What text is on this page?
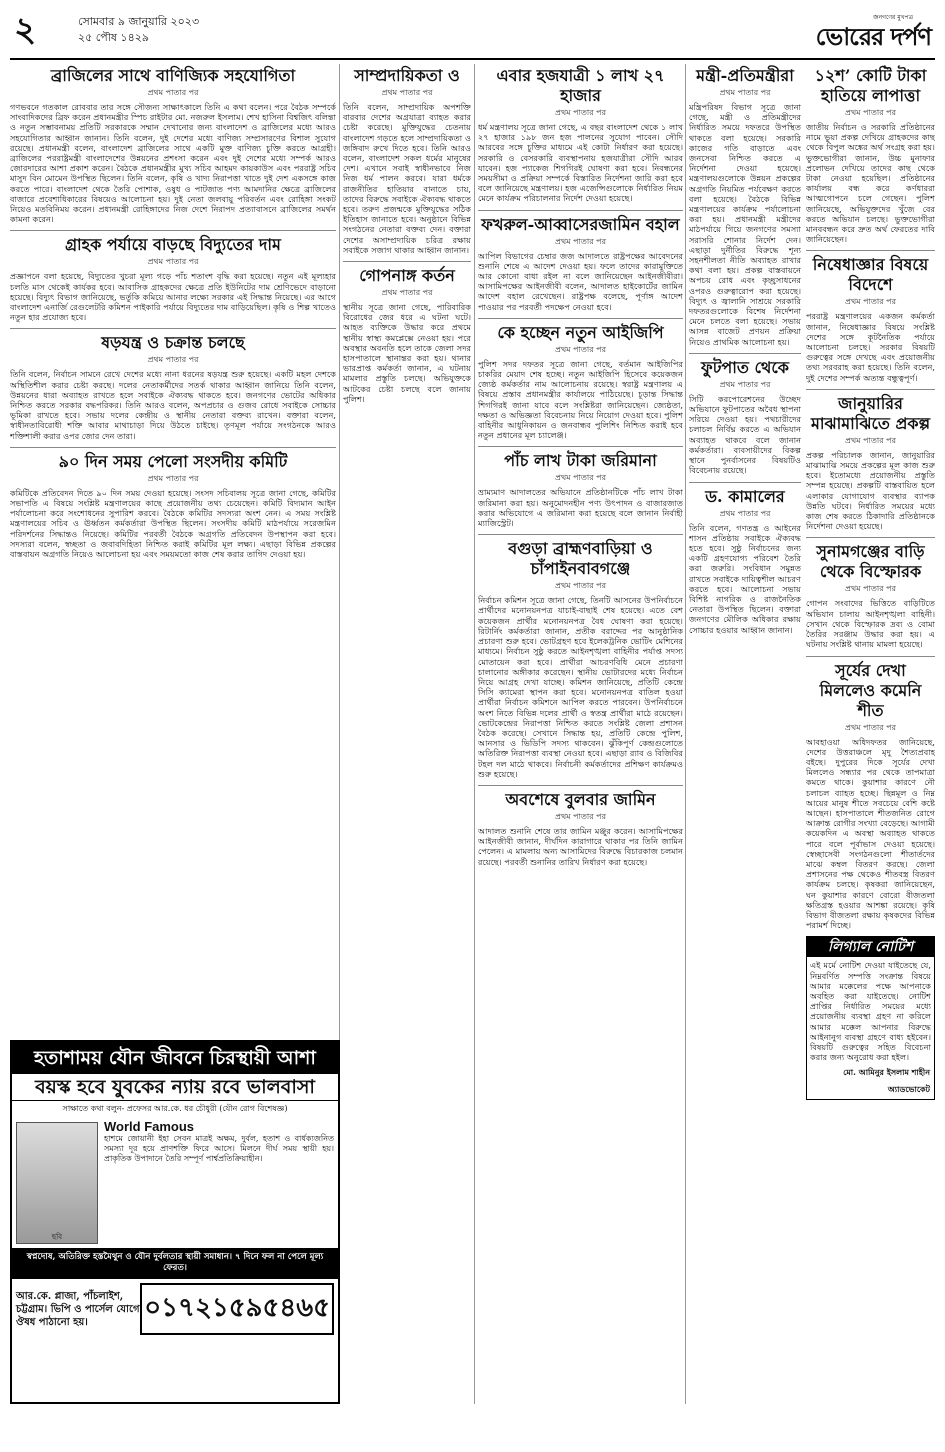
২	সোমবার ৯ জানুয়ারি ২০২৩
২৫ পৌষ ১৪২৯
জনগণের মুখপত্র
ভোরের দর্পণ
ব্রাজিলের সাথে বাণিজ্যিক সহযোগিতা
প্রথম পাতার পর
গণভবনে গতকাল রোববার তার সঙ্গে সৌজন্য সাক্ষাৎকালে তিনি এ কথা বলেন। পরে বৈঠক সম্পর্কে সাংবাদিকদের ব্রিফ করেন প্রধানমন্ত্রীর স্পিচ রাইটার মো. নজরুল ইসলাম। শেখ হাসিনা বিশ্বজিৎ বলিন্তা ও নতুন সম্ভাবনাময় প্রতিটি সরকারকে সম্মান দেখানোর জন্য বাংলাদেশ ও ব্রাজিলের মধ্যে আরও সহযোগিতার আহ্বান জানান। তিনি বলেন, দুই দেশের মধ্যে বাণিজ্য সম্প্রসারণের বিশাল সুযোগ রয়েছে। প্রধানমন্ত্রী বলেন, বাংলাদেশ ব্রাজিলের সাথে একটি মুক্ত বাণিজ্য চুক্তি করতে আগ্রহী। ব্রাজিলের পররাষ্ট্রমন্ত্রী বাংলাদেশের উন্নয়নের প্রশংসা করেন এবং দুই দেশের মধ্যে সম্পর্ক আরও জোরদারের আশা প্রকাশ করেন। বৈঠকে প্রধানমন্ত্রীর মুখ্য সচিব আহমদ কায়কাউস এবং পররাষ্ট্র সচিব মাসুদ বিন মোমেন উপস্থিত ছিলেন। তিনি বলেন, কৃষি ও খাদ্য নিরাপত্তা খাতে দুই দেশ একসঙ্গে কাজ করতে পারে। বাংলাদেশ থেকে তৈরি পোশাক, ওষুধ ও পাটজাত পণ্য আমদানির ক্ষেত্রে ব্রাজিলের বাজারে প্রবেশাধিকারের বিষয়েও আলোচনা হয়। দুই নেতা জলবায়ু পরিবর্তন এবং রোহিঙ্গা সংকট নিয়েও মতবিনিময় করেন। প্রধানমন্ত্রী রোহিঙ্গাদের নিজ দেশে নিরাপদ প্রত্যাবাসনে ব্রাজিলের সমর্থন কামনা করেন।
গ্রাহক পর্যায়ে বাড়ছে বিদ্যুতের দাম
প্রথম পাতার পর
প্রজ্ঞাপনে বলা হয়েছে, বিদ্যুতের খুচরা মূল্য গড়ে পাঁচ শতাংশ বৃদ্ধি করা হয়েছে। নতুন এই মূল্যহার চলতি মাস থেকেই কার্যকর হবে। আবাসিক গ্রাহকদের ক্ষেত্রে প্রতি ইউনিটের দাম শ্রেণিভেদে বাড়ানো হয়েছে। বিদ্যুৎ বিভাগ জানিয়েছে, ভর্তুকি কমিয়ে আনার লক্ষ্যে সরকার এই সিদ্ধান্ত নিয়েছে। এর আগে বাংলাদেশ এনার্জি রেগুলেটরি কমিশন পাইকারি পর্যায়ে বিদ্যুতের দাম বাড়িয়েছিল। কৃষি ও শিল্প খাতেও নতুন হার প্রযোজ্য হবে।
ষড়যন্ত্র ও চক্রান্ত চলছে
প্রথম পাতার পর
তিনি বলেন, নির্বাচন সামনে রেখে দেশের মধ্যে নানা ধরনের ষড়যন্ত্র শুরু হয়েছে। একটি মহল দেশকে অস্থিতিশীল করার চেষ্টা করছে। দলের নেতাকর্মীদের সতর্ক থাকার আহ্বান জানিয়ে তিনি বলেন, উন্নয়নের ধারা অব্যাহত রাখতে হলে সবাইকে ঐক্যবদ্ধ থাকতে হবে। জনগণের ভোটের অধিকার নিশ্চিত করতে সরকার বদ্ধপরিকর। তিনি আরও বলেন, অপপ্রচার ও গুজব রোধে সবাইকে সোচ্চার ভূমিকা রাখতে হবে। সভায় দলের কেন্দ্রীয় ও স্থানীয় নেতারা বক্তব্য রাখেন। বক্তারা বলেন, স্বাধীনতাবিরোধী শক্তি আবার মাথাচাড়া দিয়ে উঠতে চাইছে। তৃণমূল পর্যায়ে সংগঠনকে আরও শক্তিশালী করার ওপর জোর দেন তারা।
৯০ দিন সময় পেলো সংসদীয় কমিটি
প্রথম পাতার পর
কমিটিকে প্রতিবেদন দিতে ৯০ দিন সময় দেওয়া হয়েছে। সংসদ সচিবালয় সূত্রে জানা গেছে, কমিটির সভাপতি এ বিষয়ে সংশ্লিষ্ট মন্ত্রণালয়ের কাছে প্রয়োজনীয় তথ্য চেয়েছেন। কমিটি বিদ্যমান আইন পর্যালোচনা করে সংশোধনের সুপারিশ করবে। বৈঠকে কমিটির সদস্যরা অংশ নেন। এ সময় সংশ্লিষ্ট মন্ত্রণালয়ের সচিব ও ঊর্ধ্বতন কর্মকর্তারা উপস্থিত ছিলেন। সংসদীয় কমিটি মাঠপর্যায়ে সরেজমিন পরিদর্শনের সিদ্ধান্তও নিয়েছে। কমিটির পরবর্তী বৈঠকে অগ্রগতি প্রতিবেদন উপস্থাপন করা হবে। সদস্যরা বলেন, স্বচ্ছতা ও জবাবদিহিতা নিশ্চিত করাই কমিটির মূল লক্ষ্য। এছাড়া বিভিন্ন প্রকল্পের বাস্তবায়ন অগ্রগতি নিয়েও আলোচনা হয় এবং সময়মতো কাজ শেষ করার তাগিদ দেওয়া হয়।
হতাশাময় যৌন জীবনে চিরস্থায়ী আশা
বয়স্ক হবে যুবকের ন্যায় রবে ভালবাসা
সাক্ষাতে কথা বলুন- প্রফেসর আর.কে. ধর চৌধুরী (যৌন রোগ বিশেষজ্ঞ)
ছবি
World Famous
হাশমে জোয়ানী ইহা সেবন মাত্রই অক্ষম, দুর্বল, হতাশ ও বার্ধক্যজনিত সমস্যা দূর হয়ে প্রাণশক্তি ফিরে আসে। মিলনে দীর্ঘ সময় স্থায়ী হয়। প্রাকৃতিক উপাদানে তৈরি সম্পূর্ণ পার্শ্বপ্রতিক্রিয়াহীন।
স্বপ্নদোষ, অতিরিক্ত হস্তমৈথুন ও যৌন দুর্বলতার স্থায়ী সমাধান। ৭ দিনে ফল না পেলে মূল্য ফেরত।
আর.কে. প্লাজা, পাঁচলাইশ, চট্টগ্রাম। ভিপি ও পার্সেল যোগে ঔষধ পাঠানো হয়।	০১৭২১৫৯৫৪৬৫
সাম্প্রদায়িকতা ও
প্রথম পাতার পর
তিনি বলেন, সাম্প্রদায়িক অপশক্তি বারবার দেশের অগ্রযাত্রা ব্যাহত করার চেষ্টা করেছে। মুক্তিযুদ্ধের চেতনায় বাংলাদেশ গড়তে হলে সাম্প্রদায়িকতা ও জঙ্গিবাদ রুখে দিতে হবে। তিনি আরও বলেন, বাংলাদেশ সকল ধর্মের মানুষের দেশ। এখানে সবাই স্বাধীনভাবে নিজ নিজ ধর্ম পালন করবে। যারা ধর্মকে রাজনীতির হাতিয়ার বানাতে চায়, তাদের বিরুদ্ধে সবাইকে ঐক্যবদ্ধ থাকতে হবে। তরুণ প্রজন্মকে মুক্তিযুদ্ধের সঠিক ইতিহাস জানাতে হবে। অনুষ্ঠানে বিভিন্ন সংগঠনের নেতারা বক্তব্য দেন। বক্তারা দেশের অসাম্প্রদায়িক চরিত্র রক্ষায় সবাইকে সজাগ থাকার আহ্বান জানান।
গোপনাঙ্গ কর্তন
প্রথম পাতার পর
স্থানীয় সূত্রে জানা গেছে, পারিবারিক বিরোধের জের ধরে এ ঘটনা ঘটে। আহত ব্যক্তিকে উদ্ধার করে প্রথমে স্থানীয় স্বাস্থ্য কমপ্লেক্সে নেওয়া হয়। পরে অবস্থার অবনতি হলে তাকে জেলা সদর হাসপাতালে স্থানান্তর করা হয়। থানার ভারপ্রাপ্ত কর্মকর্তা জানান, এ ঘটনায় মামলার প্রস্তুতি চলছে। অভিযুক্তকে আটকের চেষ্টা চলছে বলে জানায় পুলিশ।
এবার হজযাত্রী ১ লাখ ২৭ হাজার
প্রথম পাতার পর
ধর্ম মন্ত্রণালয় সূত্রে জানা গেছে, এ বছর বাংলাদেশ থেকে ১ লাখ ২৭ হাজার ১৯৮ জন হজ পালনের সুযোগ পাবেন। সৌদি আরবের সঙ্গে চুক্তির মাধ্যমে এই কোটা নির্ধারণ করা হয়েছে। সরকারি ও বেসরকারি ব্যবস্থাপনায় হজযাত্রীরা সৌদি আরব যাবেন। হজ প্যাকেজ শিগগিরই ঘোষণা করা হবে। নিবন্ধনের সময়সীমা ও প্রক্রিয়া সম্পর্কে বিস্তারিত নির্দেশনা জারি করা হবে বলে জানিয়েছে মন্ত্রণালয়। হজ এজেন্সিগুলোকে নির্ধারিত নিয়ম মেনে কার্যক্রম পরিচালনার নির্দেশ দেওয়া হয়েছে।
ফখরুল-আব্বাসেরজামিন বহাল
প্রথম পাতার পর
আপিল বিভাগের চেম্বার জজ আদালতে রাষ্ট্রপক্ষের আবেদনের শুনানি শেষে এ আদেশ দেওয়া হয়। ফলে তাদের কারামুক্তিতে আর কোনো বাধা রইল না বলে জানিয়েছেন আইনজীবীরা। আসামিপক্ষের আইনজীবী বলেন, আদালত হাইকোর্টের জামিন আদেশ বহাল রেখেছেন। রাষ্ট্রপক্ষ বলেছে, পূর্ণাঙ্গ আদেশ পাওয়ার পর পরবর্তী পদক্ষেপ নেওয়া হবে।
কে হচ্ছেন নতুন আইজিপি
প্রথম পাতার পর
পুলিশ সদর দফতর সূত্রে জানা গেছে, বর্তমান আইজিপির চাকরির মেয়াদ শেষ হচ্ছে। নতুন আইজিপি হিসেবে কয়েকজন জ্যেষ্ঠ কর্মকর্তার নাম আলোচনায় রয়েছে। স্বরাষ্ট্র মন্ত্রণালয় এ বিষয়ে প্রস্তাব প্রধানমন্ত্রীর কার্যালয়ে পাঠিয়েছে। চূড়ান্ত সিদ্ধান্ত শিগগিরই জানা যাবে বলে সংশ্লিষ্টরা জানিয়েছেন। জ্যেষ্ঠতা, দক্ষতা ও অভিজ্ঞতা বিবেচনায় নিয়ে নিয়োগ দেওয়া হবে। পুলিশ বাহিনীর আধুনিকায়ন ও জনবান্ধব পুলিশিং নিশ্চিত করাই হবে নতুন প্রধানের মূল চ্যালেঞ্জ।
পাঁচ লাখ টাকা জরিমানা
প্রথম পাতার পর
ভ্রাম্যমাণ আদালতের অভিযানে প্রতিষ্ঠানটিকে পাঁচ লাখ টাকা জরিমানা করা হয়। অনুমোদনহীন পণ্য উৎপাদন ও বাজারজাত করার অভিযোগে এ জরিমানা করা হয়েছে বলে জানান নির্বাহী ম্যাজিস্ট্রেট।
বগুড়া ব্রাহ্মণবাড়িয়া ও চাঁপাইনবাবগঞ্জে
প্রথম পাতার পর
নির্বাচন কমিশন সূত্রে জানা গেছে, তিনটি আসনের উপনির্বাচনে প্রার্থীদের মনোনয়নপত্র যাচাই-বাছাই শেষ হয়েছে। এতে বেশ কয়েকজন প্রার্থীর মনোনয়নপত্র বৈধ ঘোষণা করা হয়েছে। রিটার্নিং কর্মকর্তারা জানান, প্রতীক বরাদ্দের পর আনুষ্ঠানিক প্রচারণা শুরু হবে। ভোটগ্রহণ হবে ইলেকট্রনিক ভোটিং মেশিনের মাধ্যমে। নির্বাচন সুষ্ঠু করতে আইনশৃঙ্খলা বাহিনীর পর্যাপ্ত সদস্য মোতায়েন করা হবে। প্রার্থীরা আচরণবিধি মেনে প্রচারণা চালানোর অঙ্গীকার করেছেন। স্থানীয় ভোটারদের মধ্যে নির্বাচন নিয়ে আগ্রহ দেখা যাচ্ছে। কমিশন জানিয়েছে, প্রতিটি কেন্দ্রে সিসি ক্যামেরা স্থাপন করা হবে। মনোনয়নপত্র বাতিল হওয়া প্রার্থীরা নির্বাচন কমিশনে আপিল করতে পারবেন। উপনির্বাচনে অংশ নিতে বিভিন্ন দলের প্রার্থী ও স্বতন্ত্র প্রার্থীরা মাঠে রয়েছেন। ভোটকেন্দ্রের নিরাপত্তা নিশ্চিত করতে সংশ্লিষ্ট জেলা প্রশাসন বৈঠক করেছে। সেখানে সিদ্ধান্ত হয়, প্রতিটি কেন্দ্রে পুলিশ, আনসার ও ভিডিপি সদস্য থাকবেন। ঝুঁকিপূর্ণ কেন্দ্রগুলোতে অতিরিক্ত নিরাপত্তা ব্যবস্থা নেওয়া হবে। এছাড়া র‌্যাব ও বিজিবির টহল দল মাঠে থাকবে। নির্বাচনী কর্মকর্তাদের প্রশিক্ষণ কার্যক্রমও শুরু হয়েছে।
অবশেষে বুলবার জামিন
প্রথম পাতার পর
আদালত শুনানি শেষে তার জামিন মঞ্জুর করেন। আসামিপক্ষের আইনজীবী জানান, দীর্ঘদিন কারাগারে থাকার পর তিনি জামিন পেলেন। এ মামলায় অন্য আসামিদের বিরুদ্ধে বিচারকাজ চলমান রয়েছে। পরবর্তী শুনানির তারিখ নির্ধারণ করা হয়েছে।
মন্ত্রী-প্রতিমন্ত্রীরা
প্রথম পাতার পর
মন্ত্রিপরিষদ বিভাগ সূত্রে জানা গেছে, মন্ত্রী ও প্রতিমন্ত্রীদের নির্ধারিত সময়ে দফতরে উপস্থিত থাকতে বলা হয়েছে। সরকারি কাজের গতি বাড়াতে এবং জনসেবা নিশ্চিত করতে এ নির্দেশনা দেওয়া হয়েছে। মন্ত্রণালয়গুলোকে উন্নয়ন প্রকল্পের অগ্রগতি নিয়মিত পর্যবেক্ষণ করতে বলা হয়েছে। বৈঠকে বিভিন্ন মন্ত্রণালয়ের কার্যক্রম পর্যালোচনা করা হয়। প্রধানমন্ত্রী মন্ত্রীদের মাঠপর্যায়ে গিয়ে জনগণের সমস্যা সরাসরি শোনার নির্দেশ দেন। এছাড়া দুর্নীতির বিরুদ্ধে শূন্য সহনশীলতা নীতি অব্যাহত রাখার কথা বলা হয়। প্রকল্প বাস্তবায়নে অপচয় রোধ এবং কৃচ্ছ্রসাধনের ওপরও গুরুত্বারোপ করা হয়েছে। বিদ্যুৎ ও জ্বালানি সাশ্রয়ে সরকারি দফতরগুলোকে বিশেষ নির্দেশনা মেনে চলতে বলা হয়েছে। সভায় আসন্ন বাজেট প্রণয়ন প্রক্রিয়া নিয়েও প্রাথমিক আলোচনা হয়।
ফুটপাত থেকে
প্রথম পাতার পর
সিটি করপোরেশনের উচ্ছেদ অভিযানে ফুটপাতের অবৈধ স্থাপনা সরিয়ে দেওয়া হয়। পথচারীদের চলাচল নির্বিঘ্ন করতে এ অভিযান অব্যাহত থাকবে বলে জানান কর্মকর্তারা। ব্যবসায়ীদের বিকল্প স্থানে পুনর্বাসনের বিষয়টিও বিবেচনায় রয়েছে।
ড. কামালের
প্রথম পাতার পর
তিনি বলেন, গণতন্ত্র ও আইনের শাসন প্রতিষ্ঠায় সবাইকে ঐক্যবদ্ধ হতে হবে। সুষ্ঠু নির্বাচনের জন্য একটি গ্রহণযোগ্য পরিবেশ তৈরি করা জরুরি। সংবিধান সমুন্নত রাখতে সবাইকে দায়িত্বশীল আচরণ করতে হবে। আলোচনা সভায় বিশিষ্ট নাগরিক ও রাজনৈতিক নেতারা উপস্থিত ছিলেন। বক্তারা জনগণের মৌলিক অধিকার রক্ষায় সোচ্চার হওয়ার আহ্বান জানান।
১২শ’ কোটি টাকা হাতিয়ে লাপাত্তা
প্রথম পাতার পর
জাতীয় নির্বাচন ও সরকারি প্রতিষ্ঠানের নামে ভুয়া প্রকল্প দেখিয়ে গ্রাহকদের কাছ থেকে বিপুল অঙ্কের অর্থ সংগ্রহ করা হয়। ভুক্তভোগীরা জানান, উচ্চ মুনাফার প্রলোভন দেখিয়ে তাদের কাছ থেকে টাকা নেওয়া হয়েছিল। প্রতিষ্ঠানের কার্যালয় বন্ধ করে কর্ণধাররা আত্মগোপনে চলে গেছেন। পুলিশ জানিয়েছে, অভিযুক্তদের খুঁজে বের করতে অভিযান চলছে। ভুক্তভোগীরা মানববন্ধন করে দ্রুত অর্থ ফেরতের দাবি জানিয়েছেন।
নিষেধাজ্ঞার বিষয়ে বিদেশে
প্রথম পাতার পর
পররাষ্ট্র মন্ত্রণালয়ের একজন কর্মকর্তা জানান, নিষেধাজ্ঞার বিষয়ে সংশ্লিষ্ট দেশের সঙ্গে কূটনৈতিক পর্যায়ে আলোচনা চলছে। সরকার বিষয়টি গুরুত্বের সঙ্গে দেখছে এবং প্রয়োজনীয় তথ্য সরবরাহ করা হয়েছে। তিনি বলেন, দুই দেশের সম্পর্ক অত্যন্ত বন্ধুত্বপূর্ণ।
জানুয়ারির মাঝামাঝিতে প্রকল্প
প্রথম পাতার পর
প্রকল্প পরিচালক জানান, জানুয়ারির মাঝামাঝি সময়ে প্রকল্পের মূল কাজ শুরু হবে। ইতোমধ্যে প্রয়োজনীয় প্রস্তুতি সম্পন্ন হয়েছে। প্রকল্পটি বাস্তবায়িত হলে এলাকার যোগাযোগ ব্যবস্থার ব্যাপক উন্নতি ঘটবে। নির্ধারিত সময়ের মধ্যে কাজ শেষ করতে ঠিকাদারি প্রতিষ্ঠানকে নির্দেশনা দেওয়া হয়েছে।
সুনামগঞ্জের বাড়ি থেকে বিস্ফোরক
প্রথম পাতার পর
গোপন সংবাদের ভিত্তিতে বাড়িটিতে অভিযান চালায় আইনশৃঙ্খলা বাহিনী। সেখান থেকে বিস্ফোরক দ্রব্য ও বোমা তৈরির সরঞ্জাম উদ্ধার করা হয়। এ ঘটনায় সংশ্লিষ্ট থানায় মামলা হয়েছে।
সূর্যের দেখা মিললেও কমেনি শীত
প্রথম পাতার পর
আবহাওয়া অধিদফতর জানিয়েছে, দেশের উত্তরাঞ্চলে মৃদু শৈত্যপ্রবাহ বইছে। দুপুরের দিকে সূর্যের দেখা মিললেও সন্ধ্যার পর থেকে তাপমাত্রা কমতে থাকে। কুয়াশার কারণে নৌ চলাচল ব্যাহত হচ্ছে। ছিন্নমূল ও নিম্ন আয়ের মানুষ শীতে সবচেয়ে বেশি কষ্টে আছেন। হাসপাতালে শীতজনিত রোগে আক্রান্ত রোগীর সংখ্যা বেড়েছে। আগামী কয়েকদিন এ অবস্থা অব্যাহত থাকতে পারে বলে পূর্বাভাস দেওয়া হয়েছে। স্বেচ্ছাসেবী সংগঠনগুলো শীতার্তদের মাঝে কম্বল বিতরণ করছে। জেলা প্রশাসনের পক্ষ থেকেও শীতবস্ত্র বিতরণ কার্যক্রম চলছে। কৃষকরা জানিয়েছেন, ঘন কুয়াশার কারণে বোরো বীজতলা ক্ষতিগ্রস্ত হওয়ার আশঙ্কা রয়েছে। কৃষি বিভাগ বীজতলা রক্ষায় কৃষকদের বিভিন্ন পরামর্শ দিচ্ছে।
লিগ্যাল নোটিশ
এই মর্মে নোটিশ দেওয়া যাইতেছে যে, নিম্নবর্ণিত সম্পত্তি সংক্রান্ত বিষয়ে আমার মক্কেলের পক্ষে আপনাকে অবহিত করা যাইতেছে। নোটিশ প্রাপ্তির নির্ধারিত সময়ের মধ্যে প্রয়োজনীয় ব্যবস্থা গ্রহণ না করিলে আমার মক্কেল আপনার বিরুদ্ধে আইনানুগ ব্যবস্থা গ্রহণে বাধ্য হইবেন। বিষয়টি গুরুত্বের সহিত বিবেচনা করার জন্য অনুরোধ করা হইল।
মো. আমিনুর ইসলাম শাহীন
অ্যাডভোকেট
